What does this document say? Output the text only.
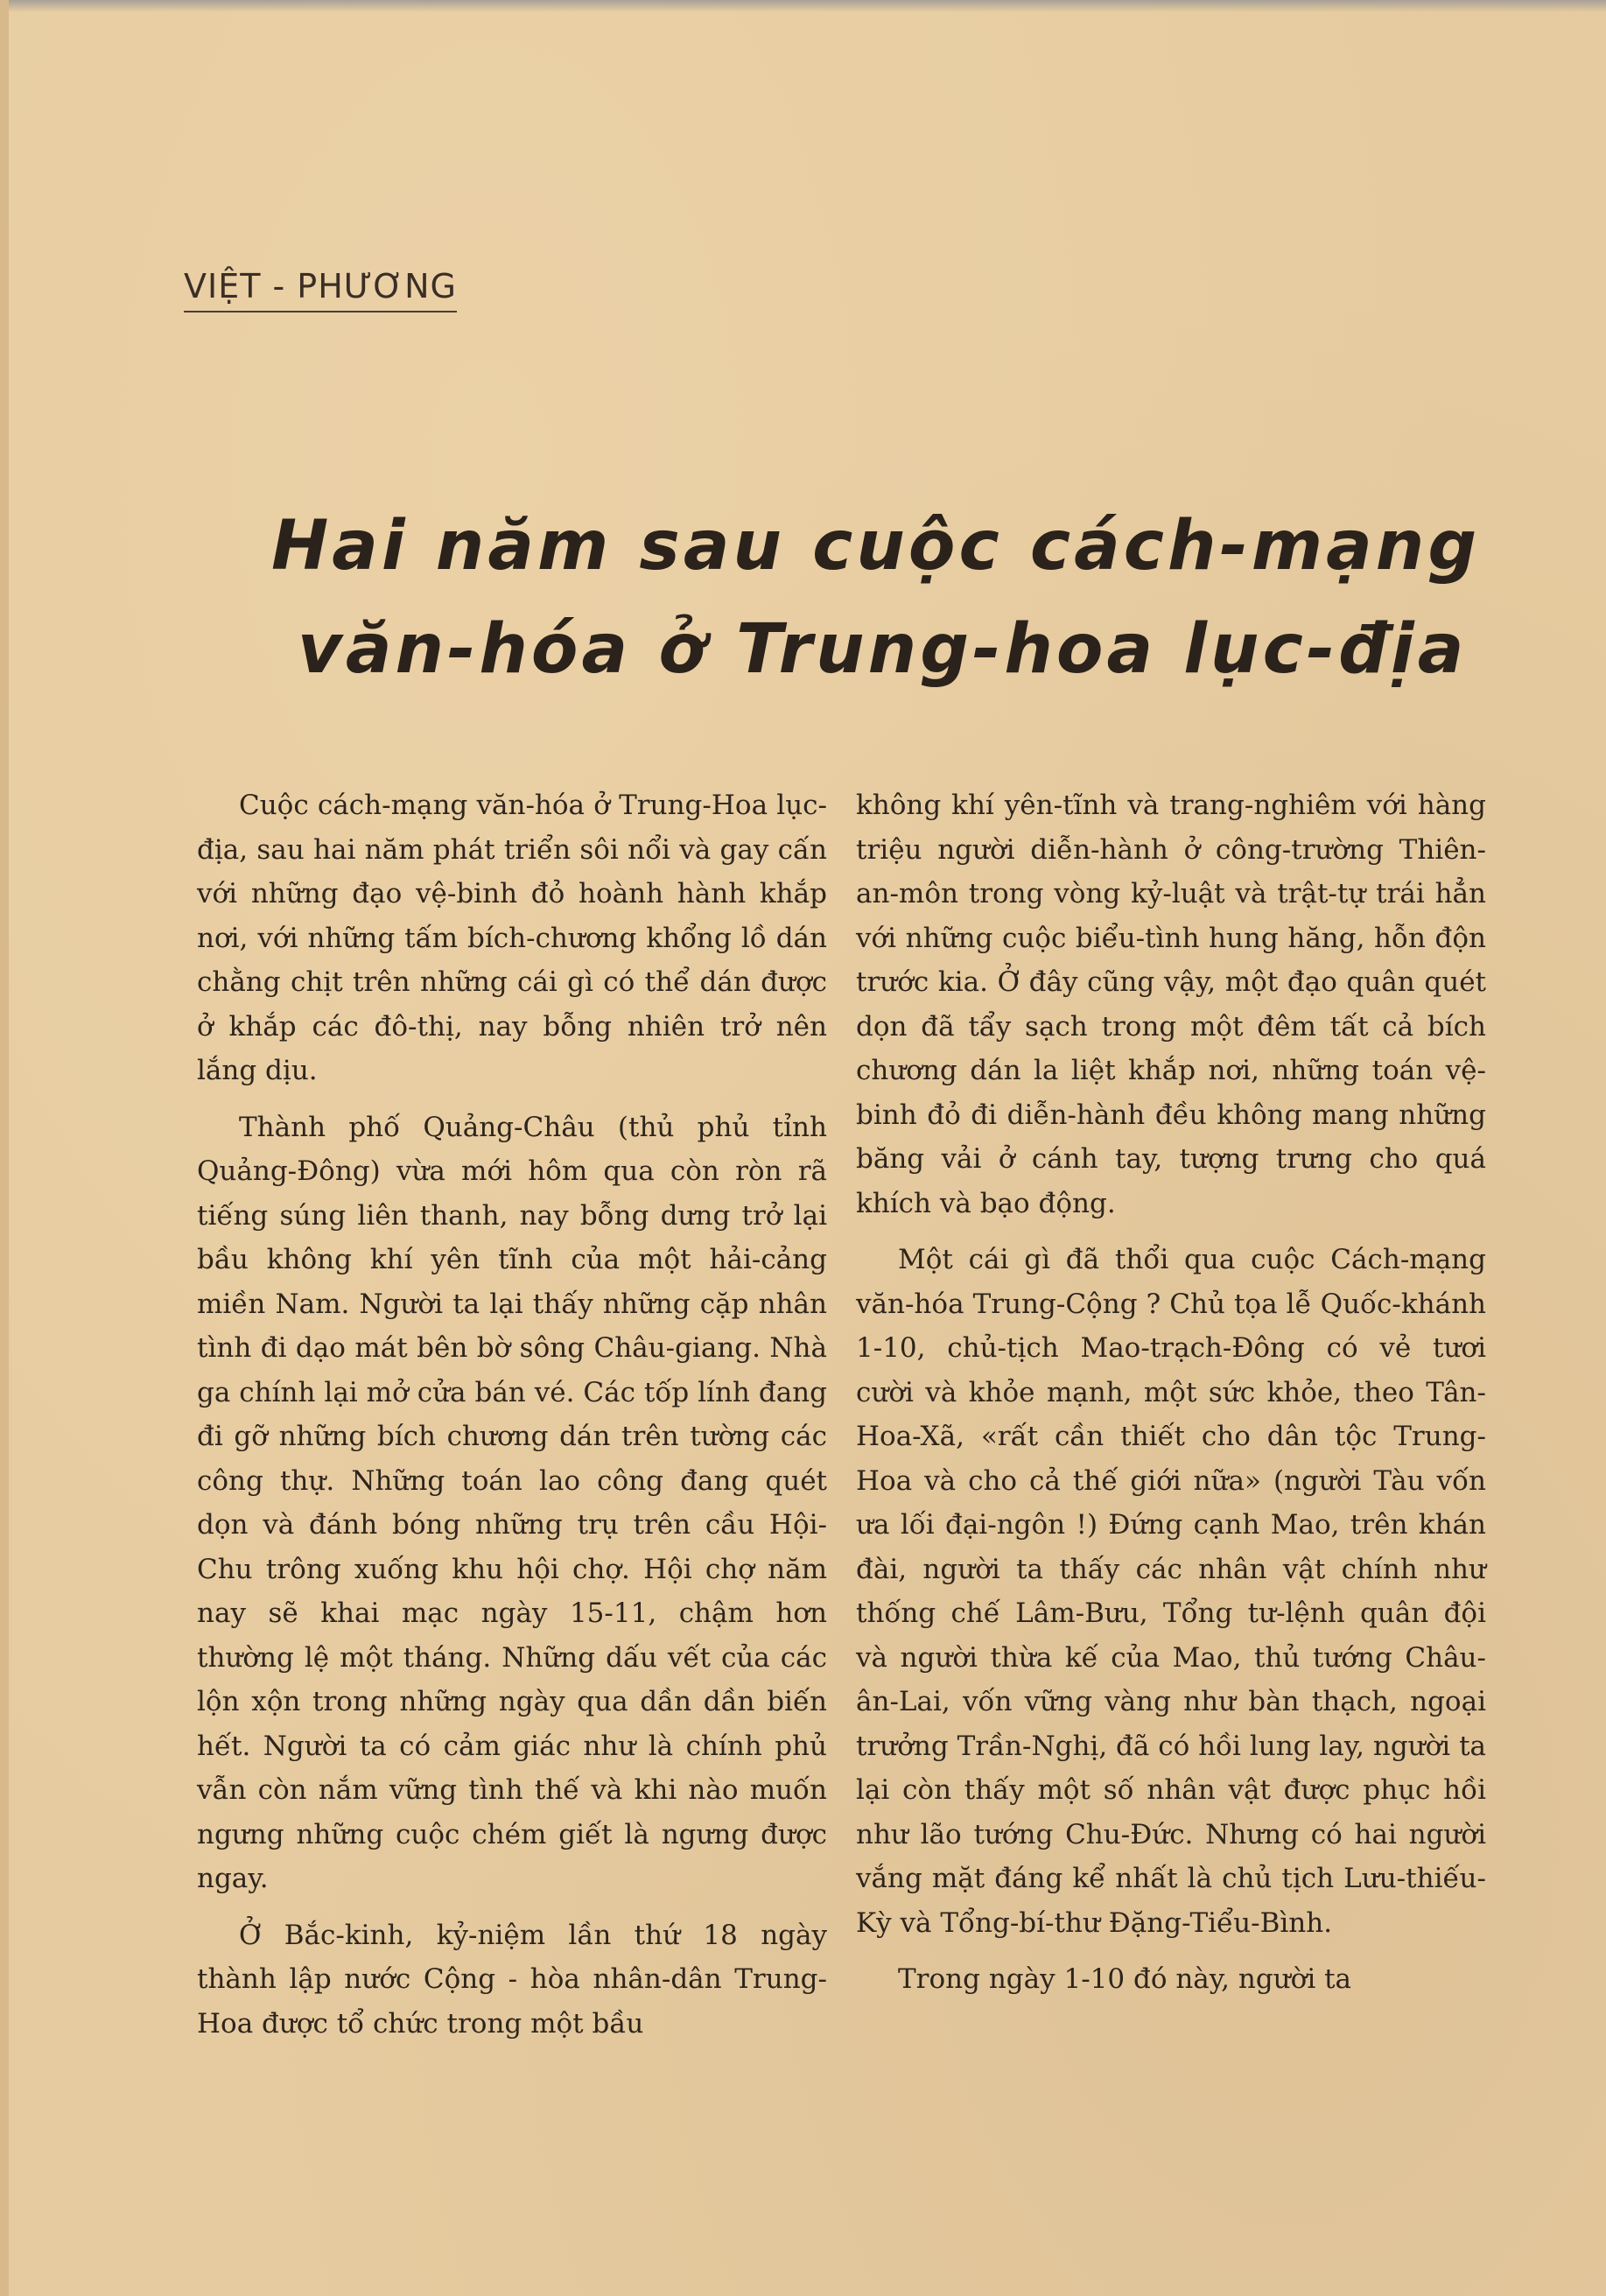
VIỆT - PHƯƠNG
Hai năm sau cuộc cách-mạng
văn-hóa ở Trung-hoa lục-địa

Cuộc cách-mạng văn-hóa ở Trung-Hoa lục-địa, sau hai năm phát triển sôi nổi và gay cấn với những đạo vệ-binh đỏ hoành hành khắp nơi, với những tấm bích-chương khổng lồ dán chằng chịt trên những cái gì có thể dán được ở khắp các đô-thị, nay bỗng nhiên trở nên lắng dịu.

Thành phố Quảng-Châu (thủ phủ tỉnh Quảng-Đông) vừa mới hôm qua còn ròn rã tiếng súng liên thanh, nay bỗng dưng trở lại bầu không khí yên tĩnh của một hải-cảng miền Nam. Người ta lại thấy những cặp nhân tình đi dạo mát bên bờ sông Châu-giang. Nhà ga chính lại mở cửa bán vé. Các tốp lính đang đi gỡ những bích chương dán trên tường các công thự. Những toán lao công đang quét dọn và đánh bóng những trụ trên cầu Hội-Chu trông xuống khu hội chợ. Hội chợ năm nay sẽ khai mạc ngày 15-11, chậm hơn thường lệ một tháng. Những dấu vết của các lộn xộn trong những ngày qua dần dần biến hết. Người ta có cảm giác như là chính phủ vẫn còn nắm vững tình thế và khi nào muốn ngưng những cuộc chém giết là ngưng được ngay.

Ở Bắc-kinh, kỷ-niệm lần thứ 18 ngày thành lập nước Cộng - hòa nhân-dân Trung-Hoa được tổ chức trong một bầu

không khí yên-tĩnh và trang-nghiêm với hàng triệu người diễn-hành ở công-trường Thiên-an-môn trong vòng kỷ-luật và trật-tự trái hẳn với những cuộc biểu-tình hung hăng, hỗn độn trước kia. Ở đây cũng vậy, một đạo quân quét dọn đã tẩy sạch trong một đêm tất cả bích chương dán la liệt khắp nơi, những toán vệ-binh đỏ đi diễn-hành đều không mang những băng vải ở cánh tay, tượng trưng cho quá khích và bạo động.

Một cái gì đã thổi qua cuộc Cách-mạng văn-hóa Trung-Cộng ? Chủ tọa lễ Quốc-khánh 1-10, chủ-tịch Mao-trạch-Đông có vẻ tươi cười và khỏe mạnh, một sức khỏe, theo Tân-Hoa-Xã, «rất cần thiết cho dân tộc Trung-Hoa và cho cả thế giới nữa» (người Tàu vốn ưa lối đại-ngôn !) Đứng cạnh Mao, trên khán đài, người ta thấy các nhân vật chính như thống chế Lâm-Bưu, Tổng tư-lệnh quân đội và người thừa kế của Mao, thủ tướng Châu-ân-Lai, vốn vững vàng như bàn thạch, ngoại trưởng Trần-Nghị, đã có hồi lung lay, người ta lại còn thấy một số nhân vật được phục hồi như lão tướng Chu-Đức. Nhưng có hai người vắng mặt đáng kể nhất là chủ tịch Lưu-thiếu-Kỳ và Tổng-bí-thư Đặng-Tiểu-Bình.

Trong ngày 1-10 đó này, người ta
